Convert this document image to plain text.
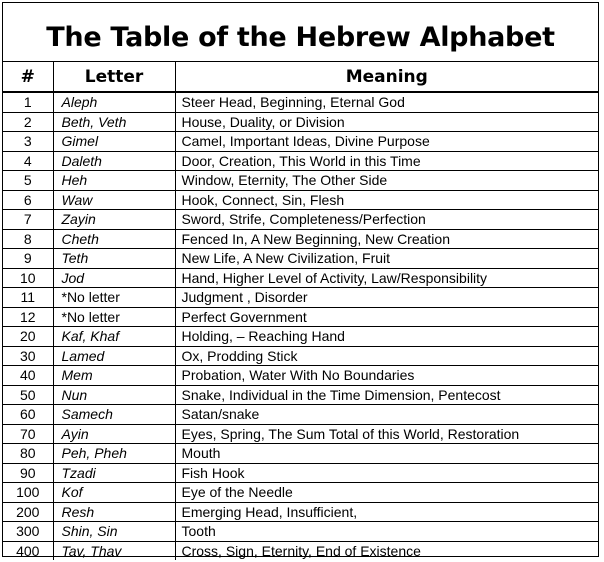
The Table of the Hebrew Alphabet
#	Letter	Meaning
1	Aleph	Steer Head, Beginning, Eternal God
2	Beth, Veth	House, Duality, or Division
3	Gimel	Camel, Important Ideas, Divine Purpose
4	Daleth	Door, Creation, This World in this Time
5	Heh	Window, Eternity, The Other Side
6	Waw	Hook, Connect, Sin, Flesh
7	Zayin	Sword, Strife, Completeness/Perfection
8	Cheth	Fenced In, A New Beginning, New Creation
9	Teth	New Life, A New Civilization, Fruit
10	Jod	Hand, Higher Level of Activity, Law/Responsibility
11	*No letter	Judgment , Disorder
12	*No letter	Perfect Government
20	Kaf, Khaf	Holding, – Reaching Hand
30	Lamed	Ox, Prodding Stick
40	Mem	Probation, Water With No Boundaries
50	Nun	Snake, Individual in the Time Dimension, Pentecost
60	Samech	Satan/snake
70	Ayin	Eyes, Spring, The Sum Total of this World, Restoration
80	Peh, Pheh	Mouth
90	Tzadi	Fish Hook
100	Kof	Eye of the Needle
200	Resh	Emerging Head, Insufficient,
300	Shin, Sin	Tooth
400	Tav, Thav	Cross, Sign, Eternity, End of Existence
